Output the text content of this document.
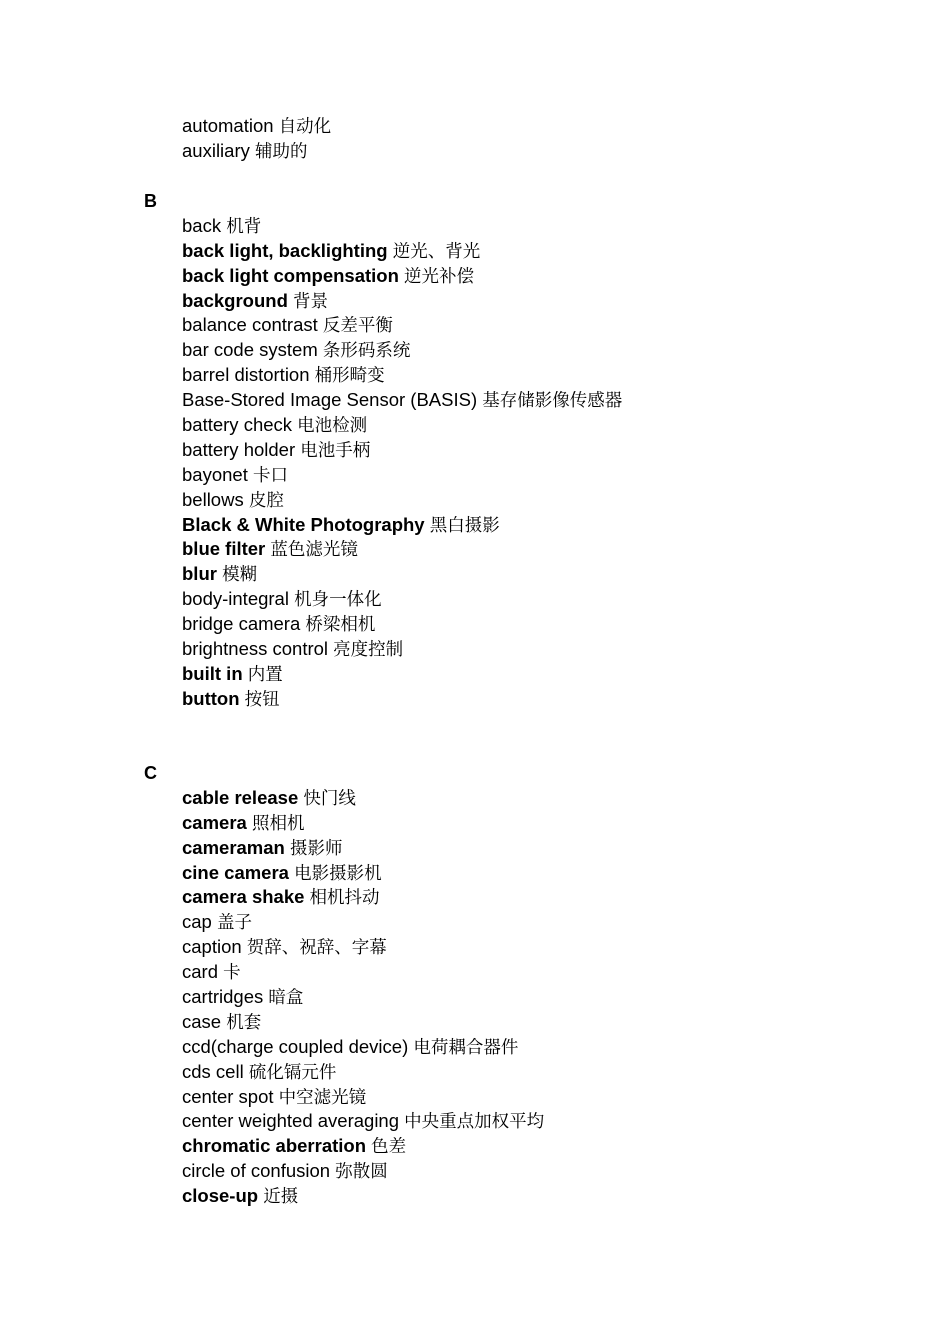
automation 自动化
auxiliary 辅助的
B
back 机背
back light, backlighting 逆光、背光
back light compensation 逆光补偿
background 背景
balance contrast 反差平衡
bar code system 条形码系统
barrel distortion 桶形畸变
Base-Stored Image Sensor (BASIS) 基存储影像传感器
battery check 电池检测
battery holder 电池手柄
bayonet 卡口
bellows 皮腔
Black & White Photography 黑白摄影
blue filter 蓝色滤光镜
blur 模糊
body-integral 机身一体化
bridge camera 桥梁相机
brightness control 亮度控制
built in 内置
button 按钮
C
cable release 快门线
camera 照相机
cameraman 摄影师
cine camera 电影摄影机
camera shake 相机抖动
cap 盖子
caption 贺辞、祝辞、字幕
card 卡
cartridges 暗盒
case 机套
ccd(charge coupled device) 电荷耦合器件
cds cell 硫化镉元件
center spot 中空滤光镜
center weighted averaging 中央重点加权平均
chromatic aberration 色差
circle of confusion 弥散圆
close-up 近摄
